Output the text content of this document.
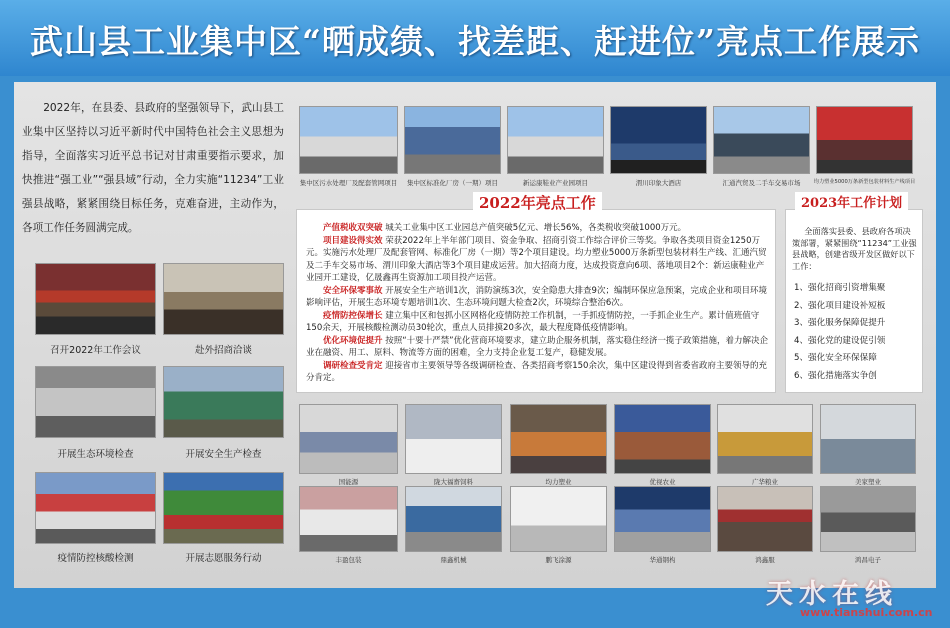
武山县工业集中区“晒成绩、找差距、赶进位”亮点工作展示

2022年，在县委、县政府的坚强领导下，武山县工业集中区坚持以习近平新时代中国特色社会主义思想为指导，全面落实习近平总书记对甘肃重要指示要求，加快推进“强工业”“强县域”行动，全力实施“11234”工业强县战略，紧紧围绕目标任务，克难奋进，主动作为，各项工作任务圆满完成。

召开2022年工作会议	赴外招商洽谈
开展生态环境检查	开展安全生产检查
疫情防控核酸检测	开展志愿服务行动
集中区污水处理厂及配套管网项目	集中区标准化厂房（一期）项目	新运康鞋业产业园项目	渭川印象大酒店	汇通汽贸及二手车交易市场	均力塑业5000万条新型包装材料生产线项目
2022年亮点工作

产值税收双突破 城关工业集中区工业园总产值突破5亿元、增长56%，各类税收突破1000万元。

项目建设得实效 荣获2022年上半年部门项目、资金争取、招商引资工作综合评价三等奖。争取各类项目资金1250万元。实施污水处理厂及配套管网、标准化厂房（一期）等2个项目建设。均力塑业5000万条新型包装材料生产线、汇通汽贸及二手车交易市场、渭川印象大酒店等3个项目建成运营。加大招商力度，达成投资意向6项、落地项目2个：新运康鞋业产业园开工建设，亿晟鑫再生资源加工项目投产运营。

安全环保零事故 开展安全生产培训1次，消防演练3次，安全隐患大排查9次；编制环保应急预案，完成企业和项目环境影响评估，开展生态环境专题培训1次、生态环境问题大检查2次，环境综合整治6次。

疫情防控保增长 建立集中区和包抓小区网格化疫情防控工作机制，一手抓疫情防控，一手抓企业生产。累计值班值守150余天，开展核酸检测动员30轮次，重点人员排摸20多次，最大程度降低疫情影响。

优化环境促提升 按照“十要十严禁”优化营商环境要求，建立助企服务机制，落实稳住经济一揽子政策措施，着力解决企业在融资、用工、原料、物流等方面的困难，全力支持企业复工复产，稳健发展。

调研检查受肯定 迎接省市主要领导等各级调研检查、各类招商考察150余次，集中区建设得到省委省政府主要领导的充分肯定。

2023年工作计划

全面落实县委、县政府各项决策部署，紧紧围绕“11234”工业强县战略，创建省级开发区做好以下工作：

1、强化招商引资增集聚
2、强化项目建设补短板
3、强化服务保障促提升
4、强化党的建设促引领
5、强化安全环保保障
6、强化措施落实争创
国能源	陇大福畜饲料	均力塑业	优视农业	广华粮业	美家塑业
丰盈包装	鼎鑫机械	鹏飞涂源	华通钢构	鸿鑫服	鸿昌电子
天水在线
www.tianshui.com.cn
